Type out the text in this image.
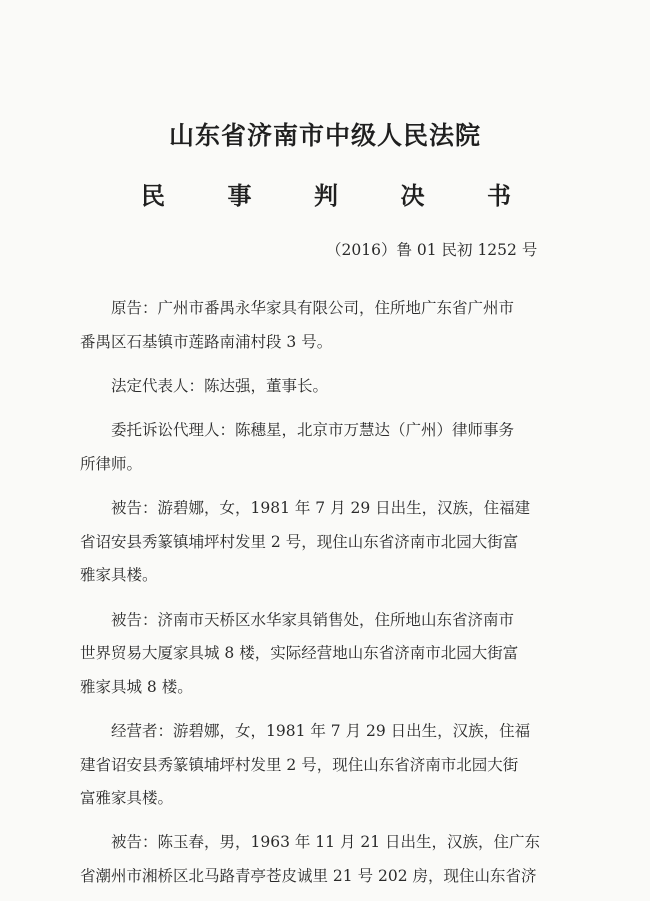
山东省济南市中级人民法院
民	事	判	决	书
（2016）鲁 01 民初 1252 号
原告：广州市番禺永华家具有限公司，住所地广东省广州市
番禺区石基镇市莲路南浦村段 3 号。
法定代表人：陈达强，董事长。
委托诉讼代理人：陈穗星，北京市万慧达（广州）律师事务
所律师。
被告：游碧娜，女，1981 年 7 月 29 日出生，汉族，住福建
省诏安县秀篆镇埔坪村发里 2 号，现住山东省济南市北园大街富
雅家具楼。
被告：济南市天桥区水华家具销售处，住所地山东省济南市
世界贸易大厦家具城 8 楼，实际经营地山东省济南市北园大街富
雅家具城 8 楼。
经营者：游碧娜，女，1981 年 7 月 29 日出生，汉族，住福
建省诏安县秀篆镇埔坪村发里 2 号，现住山东省济南市北园大街
富雅家具楼。
被告：陈玉春，男，1963 年 11 月 21 日出生，汉族，住广东
省潮州市湘桥区北马路青亭苍皮诚里 21 号 202 房，现住山东省济
